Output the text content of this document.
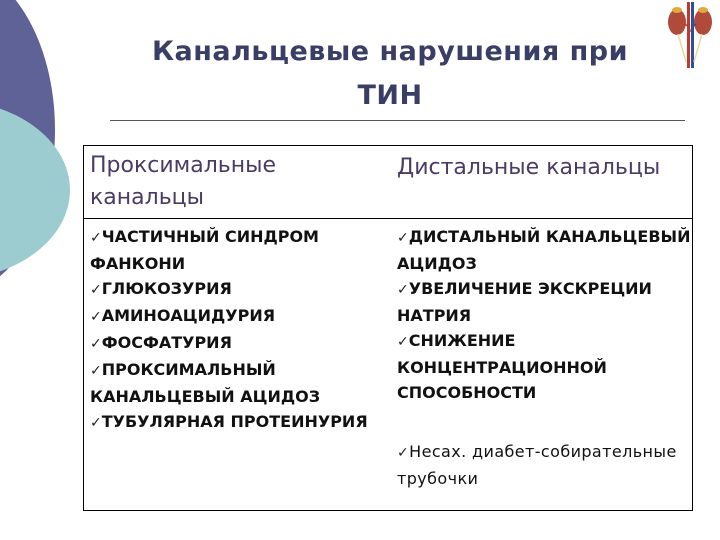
Канальцевые нарушения при
ТИН
Проксимальные канальцы
Дистальные канальцы
✓ЧАСТИЧНЫЙ СИНДРОМ ФАНКОНИ
✓ГЛЮКОЗУРИЯ
✓АМИНОАЦИДУРИЯ
✓ФОСФАТУРИЯ
✓ПРОКСИМАЛЬНЫЙ КАНАЛЬЦЕВЫЙ АЦИДОЗ
✓ТУБУЛЯРНАЯ ПРОТЕИНУРИЯ
✓ДИСТАЛЬНЫЙ КАНАЛЬЦЕВЫЙ АЦИДОЗ
✓УВЕЛИЧЕНИЕ ЭКСКРЕЦИИ НАТРИЯ
✓СНИЖЕНИЕ КОНЦЕНТРАЦИОННОЙ СПОСОБНОСТИ
✓Несах. диабет-собирательные трубочки
